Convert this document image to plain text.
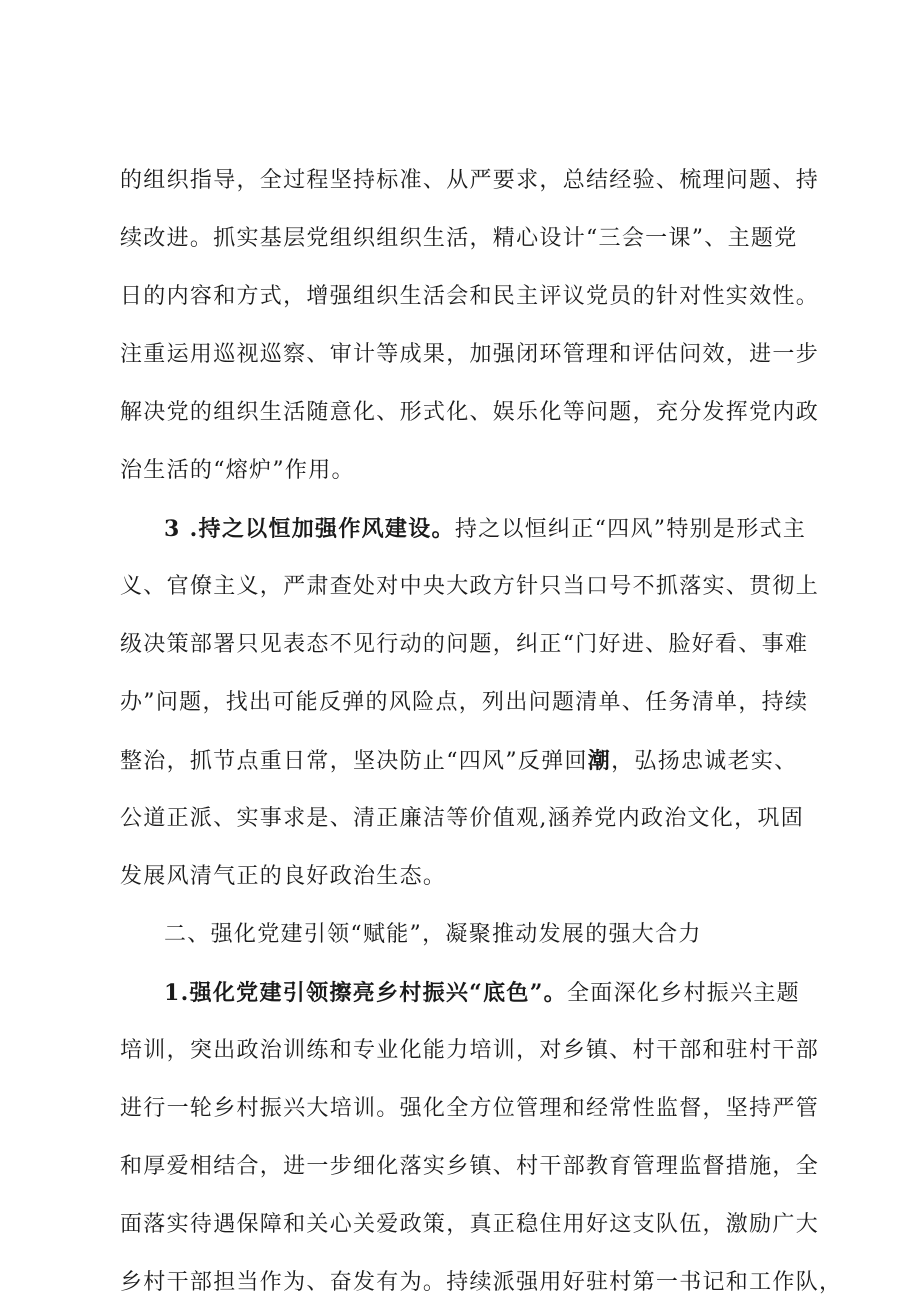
的组织指导，全过程坚持标准、从严要求，总结经验、梳理问题、持
续改进。抓实基层党组织组织生活，精心设计“三会一课”、主题党
日的内容和方式，增强组织生活会和民主评议党员的针对性实效性。
注重运用巡视巡察、审计等成果，加强闭环管理和评估问效，进一步
解决党的组织生活随意化、形式化、娱乐化等问题，充分发挥党内政
治生活的“熔炉”作用。
3 .持之以恒加强作风建设。持之以恒纠正“四风”特别是形式主
义、官僚主义，严肃查处对中央大政方针只当口号不抓落实、贯彻上
级决策部署只见表态不见行动的问题，纠正“门好进、脸好看、事难
办”问题，找出可能反弹的风险点，列出问题清单、任务清单，持续
整治，抓节点重日常，坚决防止“四风”反弹回潮，弘扬忠诚老实、
公道正派、实事求是、清正廉洁等价值观,涵养党内政治文化，巩固
发展风清气正的良好政治生态。
二、强化党建引领“赋能”，凝聚推动发展的强大合力
1.强化党建引领擦亮乡村振兴“底色”。全面深化乡村振兴主题
培训，突出政治训练和专业化能力培训，对乡镇、村干部和驻村干部
进行一轮乡村振兴大培训。强化全方位管理和经常性监督，坚持严管
和厚爱相结合，进一步细化落实乡镇、村干部教育管理监督措施，全
面落实待遇保障和关心关爱政策，真正稳住用好这支队伍，激励广大
乡村干部担当作为、奋发有为。持续派强用好驻村第一书记和工作队，
